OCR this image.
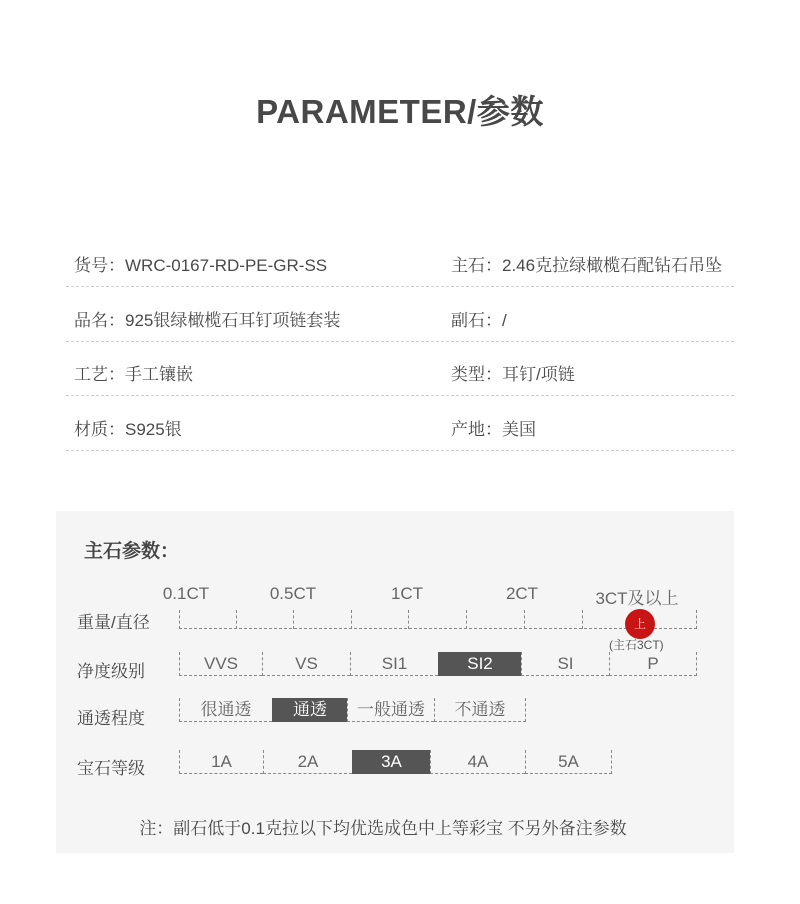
PARAMETER/参数
货号：WRC-0167-RD-PE-GR-SS	主石：2.46克拉绿橄榄石配钻石吊坠
品名：925银绿橄榄石耳钉项链套装	副石：/
工艺：手工镶嵌	类型：耳钉/项链
材质：S925银	产地：美国
主石参数：
重量/直径
0.1CT	0.5CT	1CT	2CT	3CT及以上
上
(主石3CT)
净度级别	VVS	VS	SI1	SI2	SI	P
通透程度	很通透	通透	一般通透	不通透
宝石等级	1A	2A	3A	4A	5A
注：副石低于0.1克拉以下均优选成色中上等彩宝 不另外备注参数
